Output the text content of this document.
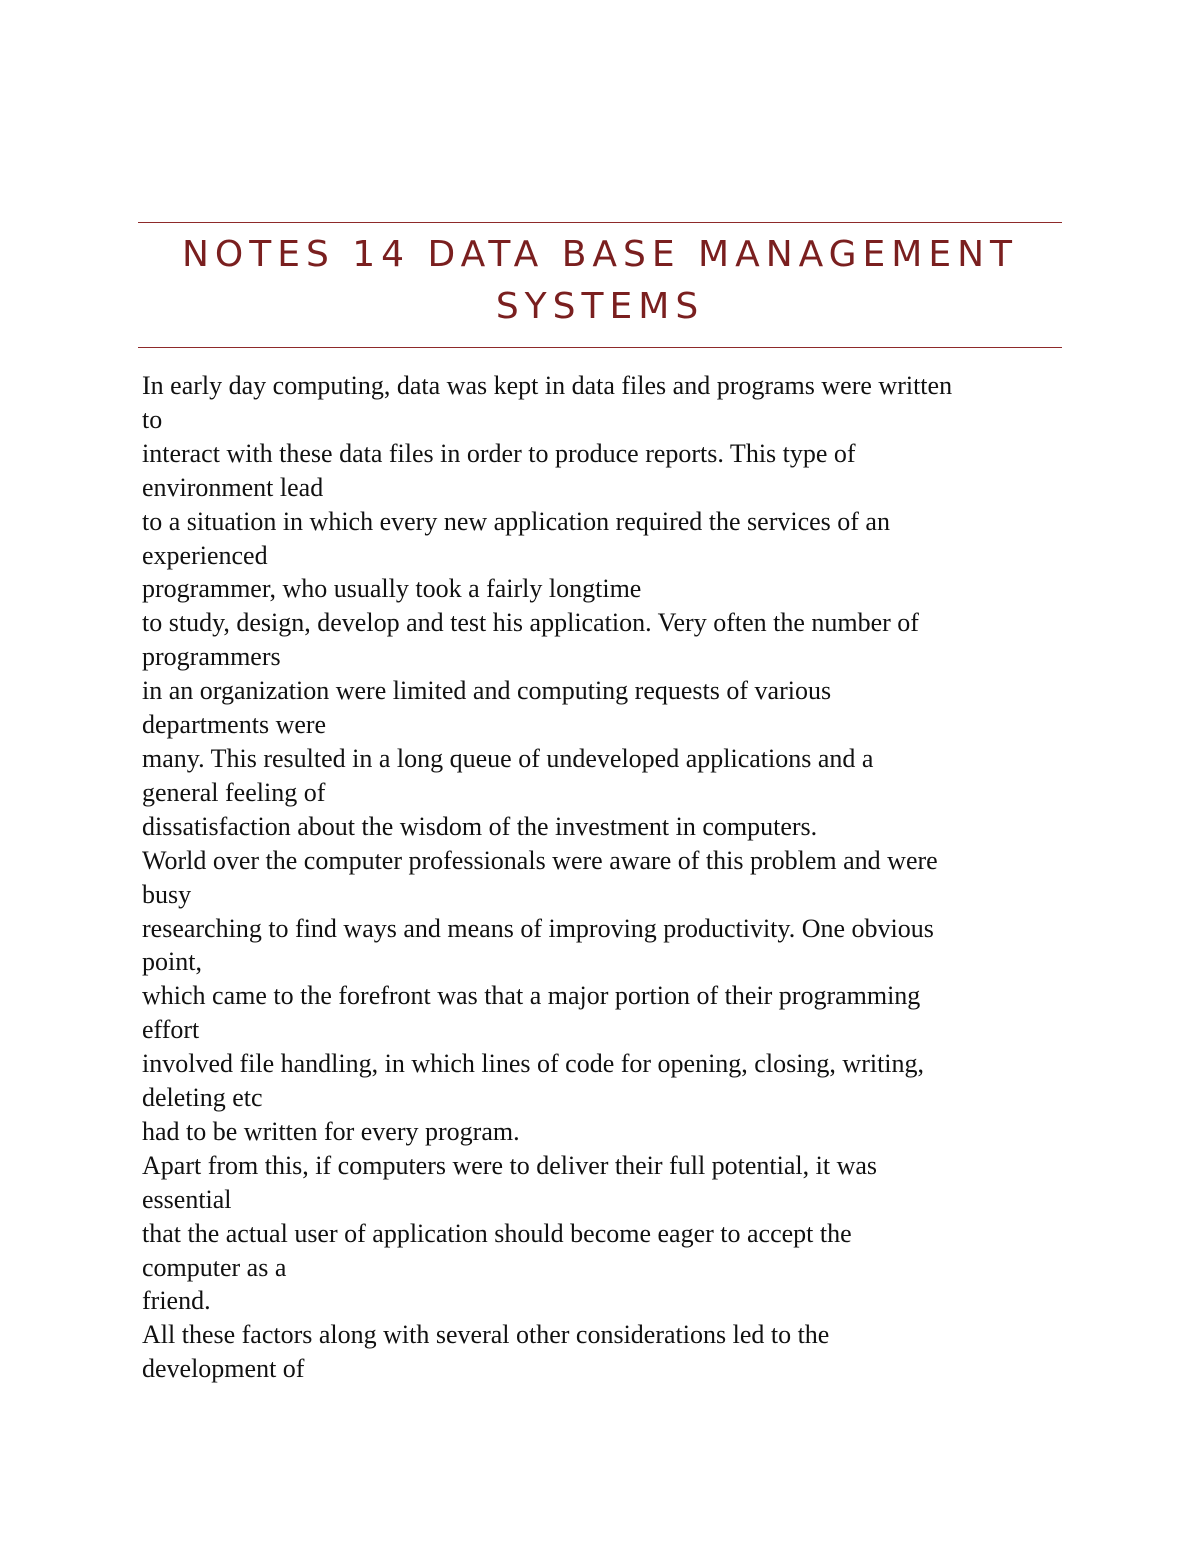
NOTES 14 DATA BASE MANAGEMENT SYSTEMS
In early day computing, data was kept in data files and programs were written
to
interact with these data files in order to produce reports. This type of
environment lead
to a situation in which every new application required the services of an
experienced
programmer, who usually took a fairly longtime
to study, design, develop and test his application. Very often the number of
programmers
in an organization were limited and computing requests of various
departments were
many. This resulted in a long queue of undeveloped applications and a
general feeling of
dissatisfaction about the wisdom of the investment in computers.
World over the computer professionals were aware of this problem and were
busy
researching to find ways and means of improving productivity. One obvious
point,
which came to the forefront was that a major portion of their programming
effort
involved file handling, in which lines of code for opening, closing, writing,
deleting etc
had to be written for every program.
Apart from this, if computers were to deliver their full potential, it was
essential
that the actual user of application should become eager to accept the
computer as a
friend.
All these factors along with several other considerations led to the
development of
